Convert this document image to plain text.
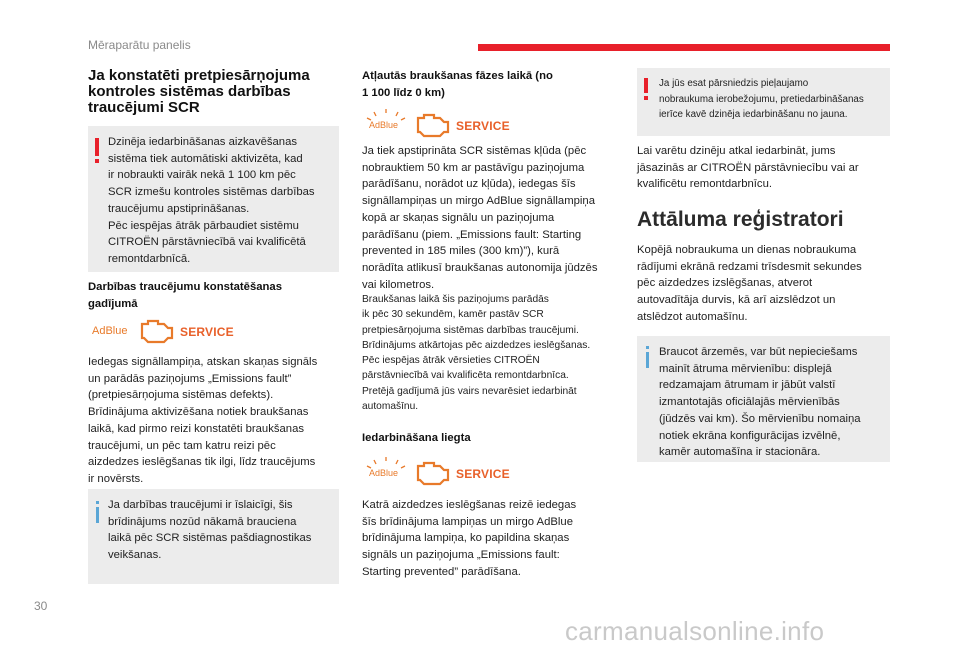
Mēraparātu panelis
Ja konstatēti pretpiesārņojuma
kontroles sistēmas darbības
traucējumi SCR
Dzinēja iedarbināšanas aizkavēšanas
sistēma tiek automātiski aktivizēta, kad
ir nobraukti vairāk nekā 1 100 km pēc
SCR izmešu kontroles sistēmas darbības
traucējumu apstiprināšanas.
Pēc iespējas ātrāk pārbaudiet sistēmu
CITROËN pārstāvniecībā vai kvalificētā
remontdarbnīcā.
Darbības traucējumu konstatēšanas
gadījumā
AdBlue	SERVICE
Iedegas signāllampiņa, atskan skaņas signāls
un parādās paziņojums „Emissions fault”
(pretpiesārņojuma sistēmas defekts).
Brīdinājuma aktivizēšana notiek braukšanas
laikā, kad pirmo reizi konstatēti braukšanas
traucējumi, un pēc tam katru reizi pēc
aizdedzes ieslēgšanas tik ilgi, līdz traucējums
ir novērsts.
Ja darbības traucējumi ir īslaicīgi, šis
brīdinājums nozūd nākamā brauciena
laikā pēc SCR sistēmas pašdiagnostikas
veikšanas.
Atļautās braukšanas fāzes laikā (no
1 100 līdz 0 km)
AdBlue	SERVICE
Ja tiek apstiprināta SCR sistēmas kļūda (pēc
nobrauktiem 50 km ar pastāvīgu paziņojuma
parādīšanu, norādot uz kļūda), iedegas šīs
signāllampiņas un mirgo AdBlue signāllampiņa
kopā ar skaņas signālu un paziņojuma
parādīšanu (piem. „Emissions fault: Starting
prevented in 185 miles (300 km)”), kurā
norādīta atlikusī braukšanas autonomija jūdzēs
vai kilometros.
Braukšanas laikā šis paziņojums parādās
ik pēc 30 sekundēm, kamēr pastāv SCR
pretpiesārņojuma sistēmas darbības traucējumi.
Brīdinājums atkārtojas pēc aizdedzes ieslēgšanas.
Pēc iespējas ātrāk vērsieties CITROËN
pārstāvniecībā vai kvalificēta remontdarbnīca.
Pretējā gadījumā jūs vairs nevarēsiet iedarbināt
automašīnu.
Iedarbināšana liegta
AdBlue	SERVICE
Katrā aizdedzes ieslēgšanas reizē iedegas
šīs brīdinājuma lampiņas un mirgo AdBlue
brīdinājuma lampiņa, ko papildina skaņas
signāls un paziņojuma „Emissions fault:
Starting prevented” parādīšana.
Ja jūs esat pārsniedzis pieļaujamo
nobraukuma ierobežojumu, pretiedarbināšanas
ierīce kavē dzinēja iedarbināšanu no jauna.
Lai varētu dzinēju atkal iedarbināt, jums
jāsazinās ar CITROËN pārstāvniecību vai ar
kvalificētu remontdarbnīcu.
Attāluma reģistratori
Kopējā nobraukuma un dienas nobraukuma
rādījumi ekrānā redzami trīsdesmit sekundes
pēc aizdedzes izslēgšanas, atverot
autovadītāja durvis, kā arī aizslēdzot un
atslēdzot automašīnu.
Braucot ārzemēs, var būt nepieciešams
mainīt ātruma mērvienību: displejā
redzamajam ātrumam ir jābūt valstī
izmantotajās oficiālajās mērvienībās
(jūdzēs vai km). Šo mērvienību nomaiņa
notiek ekrāna konfigurācijas izvēlnē,
kamēr automašīna ir stacionāra.
30
carmanualsonline.info
